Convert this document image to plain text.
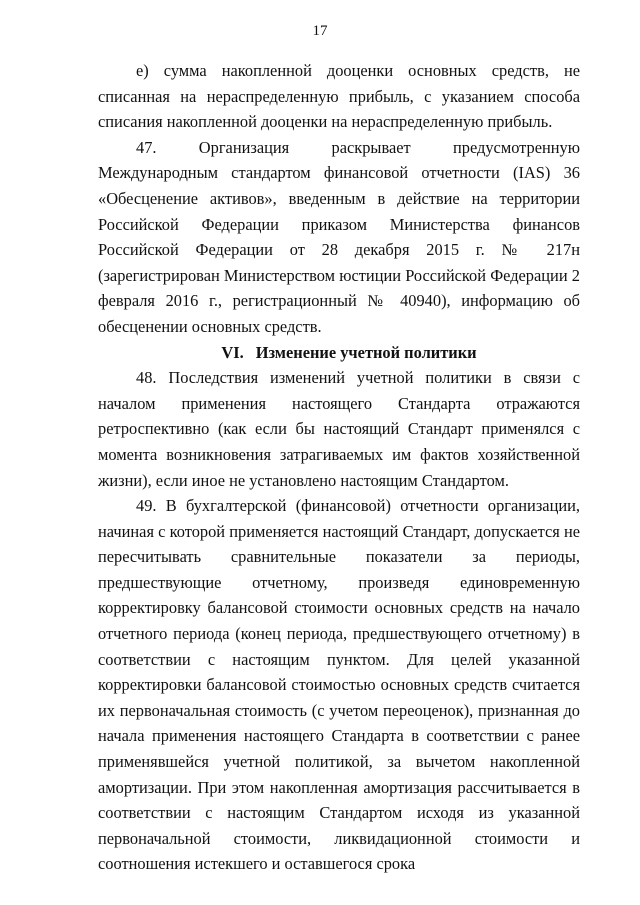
17

е) сумма накопленной дооценки основных средств, не списанная на нераспределенную прибыль, с указанием способа списания накопленной дооценки на нераспределенную прибыль.

47. Организация раскрывает предусмотренную Международным стандартом финансовой отчетности (IAS) 36 «Обесценение активов», введенным в действие на территории Российской Федерации приказом Министерства финансов Российской Федерации от 28 декабря 2015 г. № 217н (зарегистрирован Министерством юстиции Российской Федерации 2 февраля 2016 г., регистрационный № 40940), информацию об обесценении основных средств.

VI. Изменение учетной политики

48. Последствия изменений учетной политики в связи с началом применения настоящего Стандарта отражаются ретроспективно (как если бы настоящий Стандарт применялся с момента возникновения затрагиваемых им фактов хозяйственной жизни), если иное не установлено настоящим Стандартом.

49. В бухгалтерской (финансовой) отчетности организации, начиная с которой применяется настоящий Стандарт, допускается не пересчитывать сравнительные показатели за периоды, предшествующие отчетному, произведя единовременную корректировку балансовой стоимости основных средств на начало отчетного периода (конец периода, предшествующего отчетному) в соответствии с настоящим пунктом. Для целей указанной корректировки балансовой стоимостью основных средств считается их первоначальная стоимость (с учетом переоценок), признанная до начала применения настоящего Стандарта в соответствии с ранее применявшейся учетной политикой, за вычетом накопленной амортизации. При этом накопленная амортизация рассчитывается в соответствии с настоящим Стандартом исходя из указанной первоначальной стоимости, ликвидационной стоимости и соотношения истекшего и оставшегося срока
